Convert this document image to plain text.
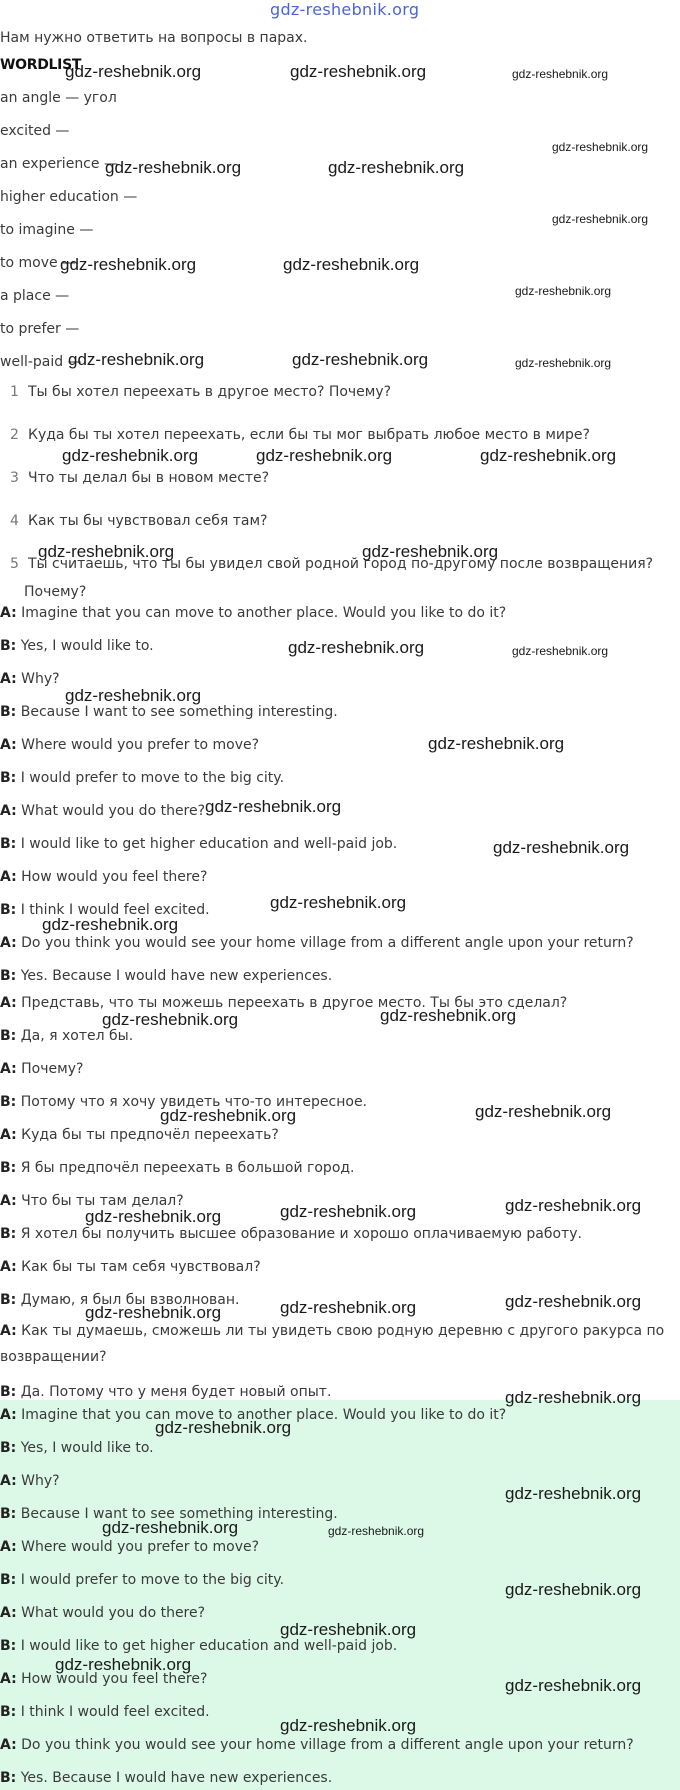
gdz-reshebnik.org
Нам нужно ответить на вопросы в парах.
WORDLIST
an angle — угол
excited —
an experience —
higher education —
to imagine —
to move —
a place —
to prefer —
well-paid —
1 Ты бы хотел переехать в другое место? Почему?
2 Куда бы ты хотел переехать, если бы ты мог выбрать любое место в мире?
3 Что ты делал бы в новом месте?
4 Как ты бы чувствовал себя там?
5 Ты считаешь, что ты бы увидел свой родной город по-другому после возвращения?
Почему?
A: Imagine that you can move to another place. Would you like to do it?
B: Yes, I would like to.
A: Why?
B: Because I want to see something interesting.
A: Where would you prefer to move?
B: I would prefer to move to the big city.
A: What would you do there?
B: I would like to get higher education and well-paid job.
A: How would you feel there?
B: I think I would feel excited.
A: Do you think you would see your home village from a different angle upon your return?
B: Yes. Because I would have new experiences.
A: Представь, что ты можешь переехать в другое место. Ты бы это сделал?
B: Да, я хотел бы.
A: Почему?
B: Потому что я хочу увидеть что-то интересное.
A: Куда бы ты предпочёл переехать?
B: Я бы предпочёл переехать в большой город.
A: Что бы ты там делал?
B: Я хотел бы получить высшее образование и хорошо оплачиваемую работу.
A: Как бы ты там себя чувствовал?
B: Думаю, я был бы взволнован.
A: Как ты думаешь, сможешь ли ты увидеть свою родную деревню с другого ракурса по возвращении?
B: Да. Потому что у меня будет новый опыт.
A: Imagine that you can move to another place. Would you like to do it?
B: Yes, I would like to.
A: Why?
B: Because I want to see something interesting.
A: Where would you prefer to move?
B: I would prefer to move to the big city.
A: What would you do there?
B: I would like to get higher education and well-paid job.
A: How would you feel there?
B: I think I would feel excited.
A: Do you think you would see your home village from a different angle upon your return?
B: Yes. Because I would have new experiences.
gdz-reshebnik.org	gdz-reshebnik.org	gdz-reshebnik.org
gdz-reshebnik.org
gdz-reshebnik.org	gdz-reshebnik.org
gdz-reshebnik.org
gdz-reshebnik.org	gdz-reshebnik.org
gdz-reshebnik.org
gdz-reshebnik.org	gdz-reshebnik.org	gdz-reshebnik.org
gdz-reshebnik.org	gdz-reshebnik.org	gdz-reshebnik.org
gdz-reshebnik.org	gdz-reshebnik.org
gdz-reshebnik.org	gdz-reshebnik.org
gdz-reshebnik.org
gdz-reshebnik.org
gdz-reshebnik.org
gdz-reshebnik.org
gdz-reshebnik.org
gdz-reshebnik.org
gdz-reshebnik.org
gdz-reshebnik.org
gdz-reshebnik.org
gdz-reshebnik.org
gdz-reshebnik.org
gdz-reshebnik.org
gdz-reshebnik.org
gdz-reshebnik.org
gdz-reshebnik.org
gdz-reshebnik.org
gdz-reshebnik.org
gdz-reshebnik.org
gdz-reshebnik.org
gdz-reshebnik.org	gdz-reshebnik.org
gdz-reshebnik.org
gdz-reshebnik.org
gdz-reshebnik.org
gdz-reshebnik.org
gdz-reshebnik.org
